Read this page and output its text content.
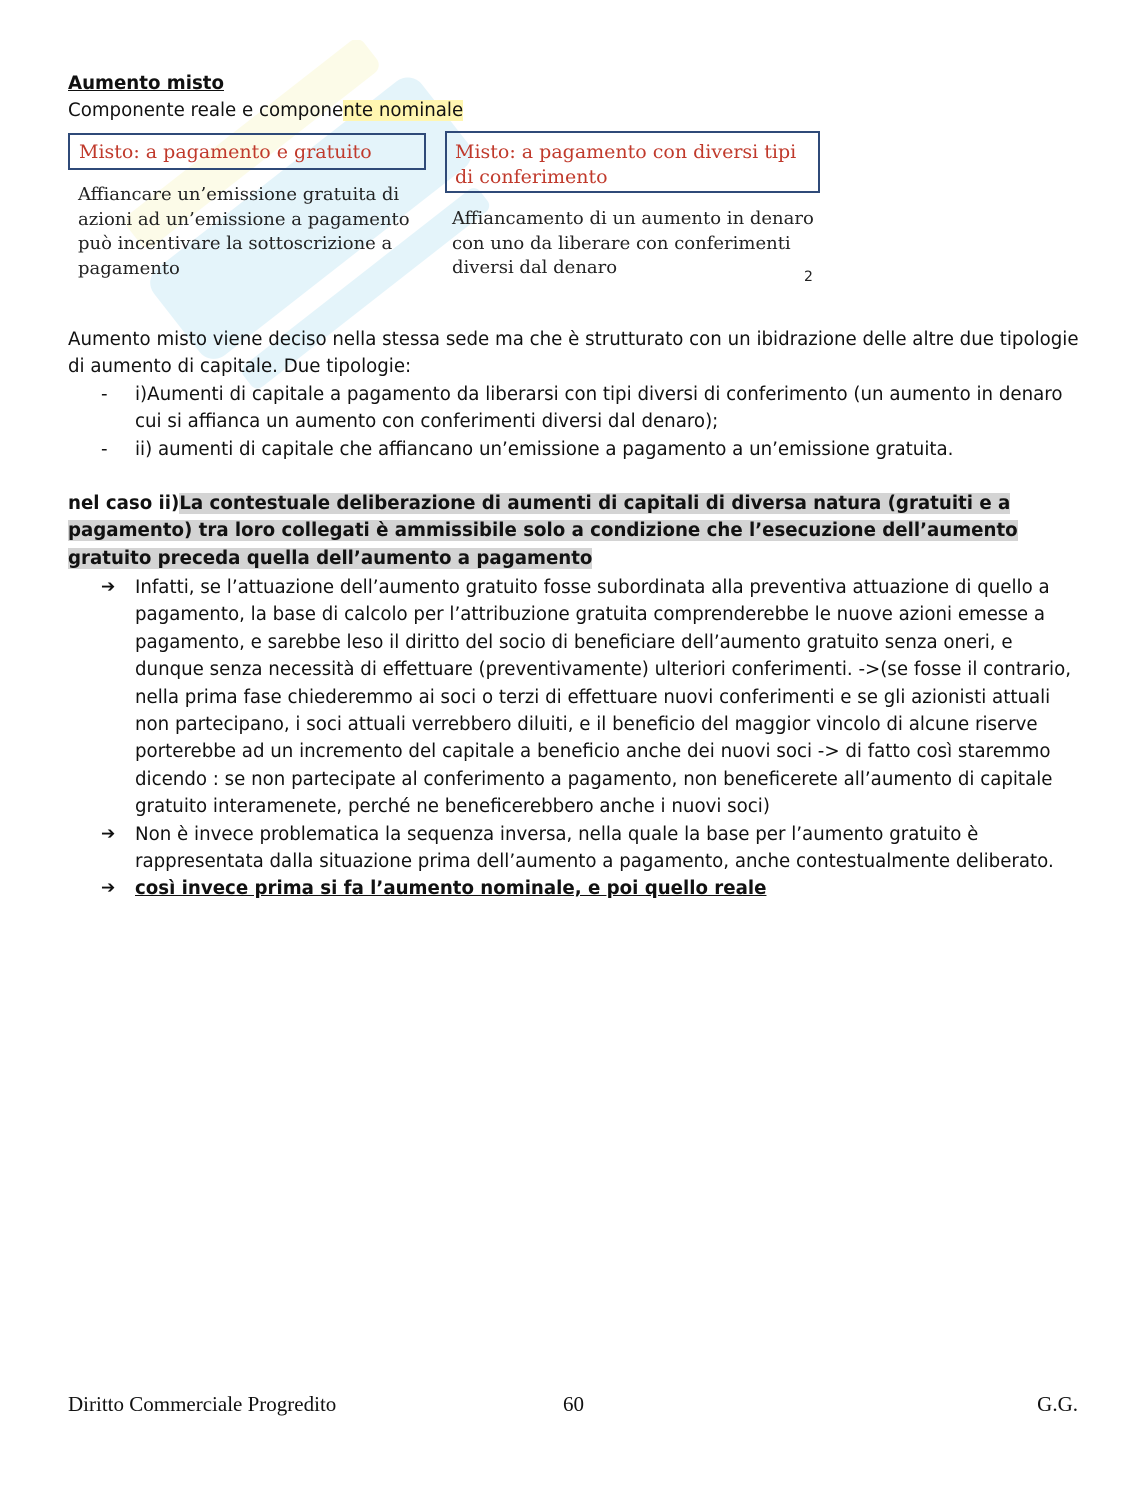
Aumento misto
Componente reale e componente nominale
Misto: a pagamento e gratuito
Affiancare un’emissione gratuita di azioni ad un’emissione a pagamento può incentivare la sottoscrizione a pagamento
Misto: a pagamento con diversi tipi di conferimento
Affiancamento di un aumento in denaro con uno da liberare con conferimenti diversi dal denaro	2
Aumento misto viene deciso nella stessa sede ma che è strutturato con un ibidrazione delle altre due tipologie di aumento di capitale. Due tipologie:
- i)Aumenti di capitale a pagamento da liberarsi con tipi diversi di conferimento (un aumento in denaro cui si affianca un aumento con conferimenti diversi dal denaro);
- ii) aumenti di capitale che affiancano un’emissione a pagamento a un’emissione gratuita.
nel caso ii)La contestuale deliberazione di aumenti di capitali di diversa natura (gratuiti e a pagamento) tra loro collegati è ammissibile solo a condizione che l’esecuzione dell’aumento gratuito preceda quella dell’aumento a pagamento
➔ Infatti, se l’attuazione dell’aumento gratuito fosse subordinata alla preventiva attuazione di quello a pagamento, la base di calcolo per l’attribuzione gratuita comprenderebbe le nuove azioni emesse a pagamento, e sarebbe leso il diritto del socio di beneficiare dell’aumento gratuito senza oneri, e dunque senza necessità di effettuare (preventivamente) ulteriori conferimenti. ->(se fosse il contrario, nella prima fase chiederemmo ai soci o terzi di effettuare nuovi conferimenti e se gli azionisti attuali non partecipano, i soci attuali verrebbero diluiti, e il beneficio del maggior vincolo di alcune riserve porterebbe ad un incremento del capitale a beneficio anche dei nuovi soci -> di fatto così staremmo dicendo : se non partecipate al conferimento a pagamento, non beneficerete all’aumento di capitale gratuito interamenete, perché ne beneficerebbero anche i nuovi soci)
➔ Non è invece problematica la sequenza inversa, nella quale la base per l’aumento gratuito è rappresentata dalla situazione prima dell’aumento a pagamento, anche contestualmente deliberato.
➔ così invece prima si fa l’aumento nominale, e poi quello reale
Diritto Commerciale Progredito	60	G.G.
